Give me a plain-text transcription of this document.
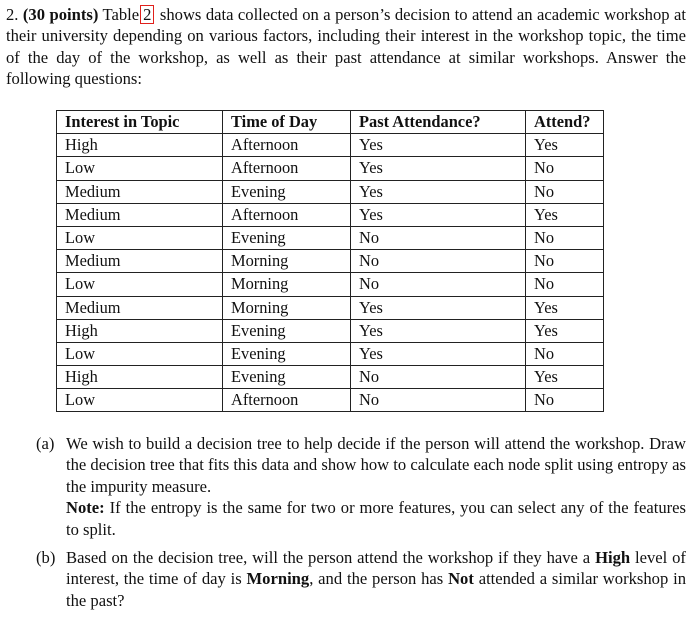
2. (30 points) Table 2 shows data collected on a person’s decision to attend an academic workshop at their university depending on various factors, including their interest in the workshop topic, the time of the day of the workshop, as well as their past attendance at similar workshops. Answer the following questions:
Interest in Topic	Time of Day	Past Attendance?	Attend?
High	Afternoon	Yes	Yes
Low	Afternoon	Yes	No
Medium	Evening	Yes	No
Medium	Afternoon	Yes	Yes
Low	Evening	No	No
Medium	Morning	No	No
Low	Morning	No	No
Medium	Morning	Yes	Yes
High	Evening	Yes	Yes
Low	Evening	Yes	No
High	Evening	No	Yes
Low	Afternoon	No	No
(a) We wish to build a decision tree to help decide if the person will attend the workshop. Draw the decision tree that fits this data and show how to calculate each node split using entropy as the impurity measure.
Note: If the entropy is the same for two or more features, you can select any of the features to split.
(b) Based on the decision tree, will the person attend the workshop if they have a High level of interest, the time of day is Morning, and the person has Not attended a similar workshop in the past?
